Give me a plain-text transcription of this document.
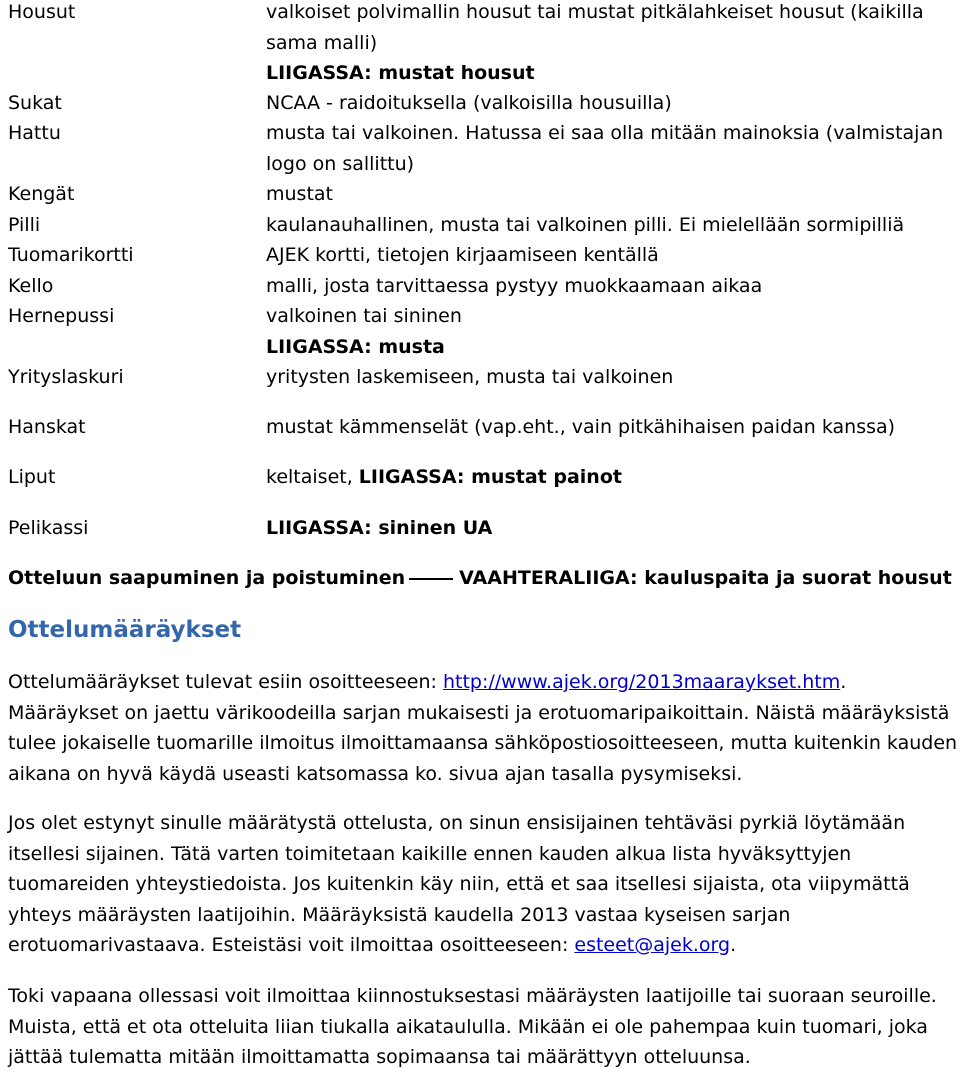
Housut	valkoiset polvimallin housut tai mustat pitkälahkeiset housut (kaikilla
sama malli)
LIIGASSA: mustat housut
Sukat	NCAA - raidoituksella (valkoisilla housuilla)
Hattu	musta tai valkoinen. Hatussa ei saa olla mitään mainoksia (valmistajan
logo on sallittu)
Kengät	mustat
Pilli	kaulanauhallinen, musta tai valkoinen pilli. Ei mielellään sormipilliä
Tuomarikortti	AJEK kortti, tietojen kirjaamiseen kentällä
Kello	malli, josta tarvittaessa pystyy muokkaamaan aikaa
Hernepussi	valkoinen tai sininen
LIIGASSA: musta
Yrityslaskuri	yritysten laskemiseen, musta tai valkoinen
Hanskat	mustat kämmenselät (vap.eht., vain pitkähihaisen paidan kanssa)
Liput	keltaiset, LIIGASSA: mustat painot
Pelikassi	LIIGASSA: sininen UA
Otteluun saapuminen ja poistuminen	VAAHTERALIIGA: kauluspaita ja suorat housut
Ottelumääräykset

Ottelumääräykset tulevat esiin osoitteeseen: http://www.ajek.org/2013maaraykset.htm. Määräykset on jaettu värikoodeilla sarjan mukaisesti ja erotuomaripaikoittain. Näistä määräyksistä tulee jokaiselle tuomarille ilmoitus ilmoittamaansa sähköpostiosoitteeseen, mutta kuitenkin kauden aikana on hyvä käydä useasti katsomassa ko. sivua ajan tasalla pysymiseksi.

Jos olet estynyt sinulle määrätystä ottelusta, on sinun ensisijainen tehtäväsi pyrkiä löytämään itsellesi sijainen. Tätä varten toimitetaan kaikille ennen kauden alkua lista hyväksyttyjen tuomareiden yhteystiedoista. Jos kuitenkin käy niin, että et saa itsellesi sijaista, ota viipymättä yhteys määräysten laatijoihin. Määräyksistä kaudella 2013 vastaa kyseisen sarjan erotuomarivastaava. Esteistäsi voit ilmoittaa osoitteeseen: esteet@ajek.org.

Toki vapaana ollessasi voit ilmoittaa kiinnostuksestasi määräysten laatijoille tai suoraan seuroille. Muista, että et ota otteluita liian tiukalla aikataululla. Mikään ei ole pahempaa kuin tuomari, joka jättää tulematta mitään ilmoittamatta sopimaansa tai määrättyyn otteluunsa.
